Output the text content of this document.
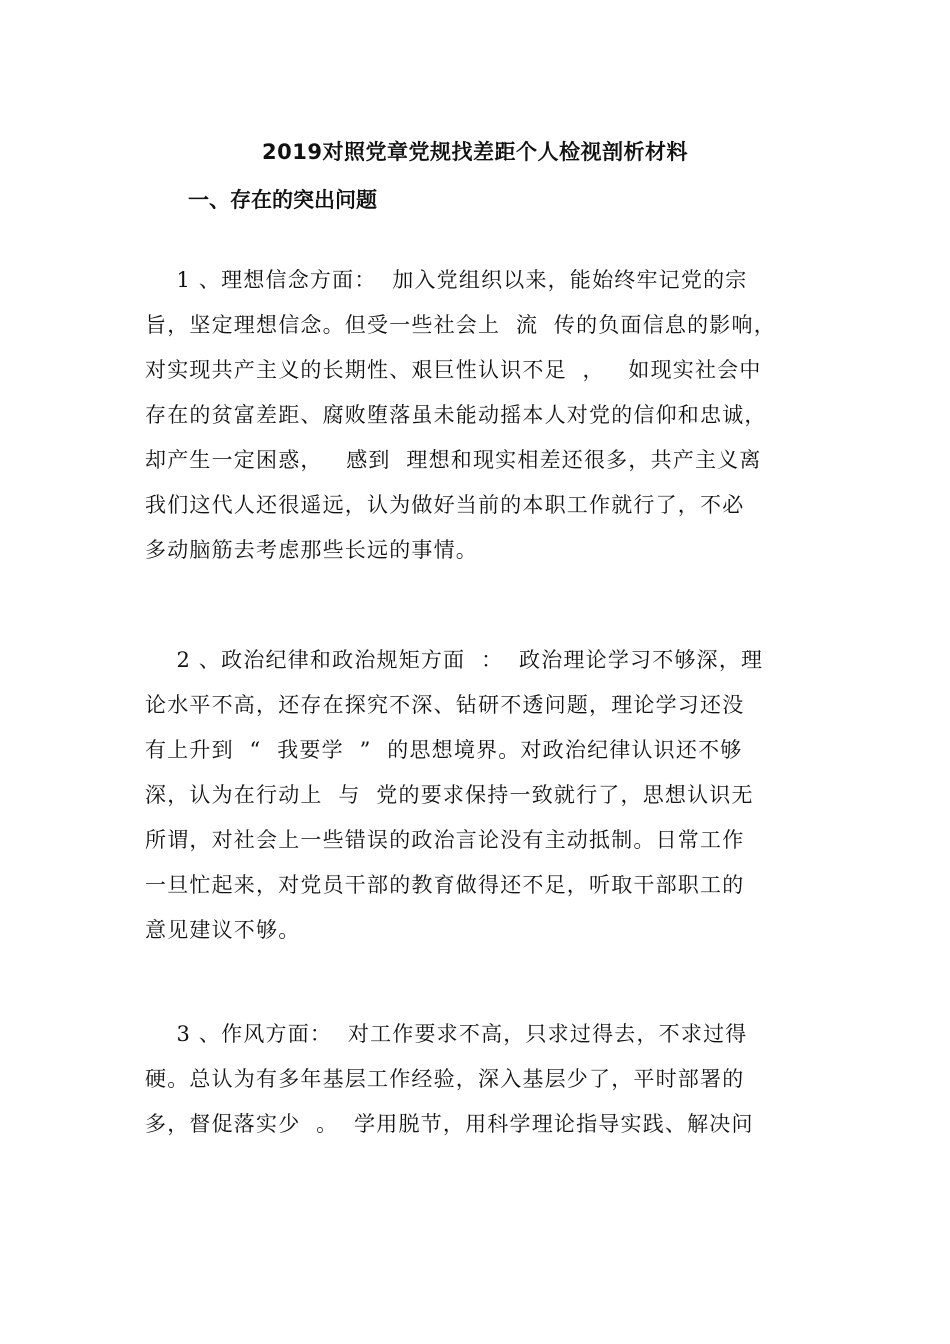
2019对照党章党规找差距个人检视剖析材料
一、存在的突出问题
1 、理想信念方面：  加入党组织以来，能始终牢记党的宗
旨，坚定理想信念。但受一些社会上  流  传的负面信息的影响，
对实现共产主义的长期性、艰巨性认识不足  ，   如现实社会中
存在的贫富差距、腐败堕落虽未能动摇本人对党的信仰和忠诚，
却产生一定困惑，   感到  理想和现实相差还很多，共产主义离
我们这代人还很遥远，认为做好当前的本职工作就行了，不必
多动脑筋去考虑那些长远的事情。
2 、政治纪律和政治规矩方面  ：  政治理论学习不够深，理
论水平不高，还存在探究不深、钻研不透问题，理论学习还没
有上升到  “  我要学  ”  的思想境界。对政治纪律认识还不够
深，认为在行动上  与  党的要求保持一致就行了，思想认识无
所谓，对社会上一些错误的政治言论没有主动抵制。日常工作
一旦忙起来，对党员干部的教育做得还不足，听取干部职工的
意见建议不够。
3 、作风方面：  对工作要求不高，只求过得去，不求过得
硬。总认为有多年基层工作经验，深入基层少了，平时部署的
多，督促落实少  。  学用脱节，用科学理论指导实践、解决问
